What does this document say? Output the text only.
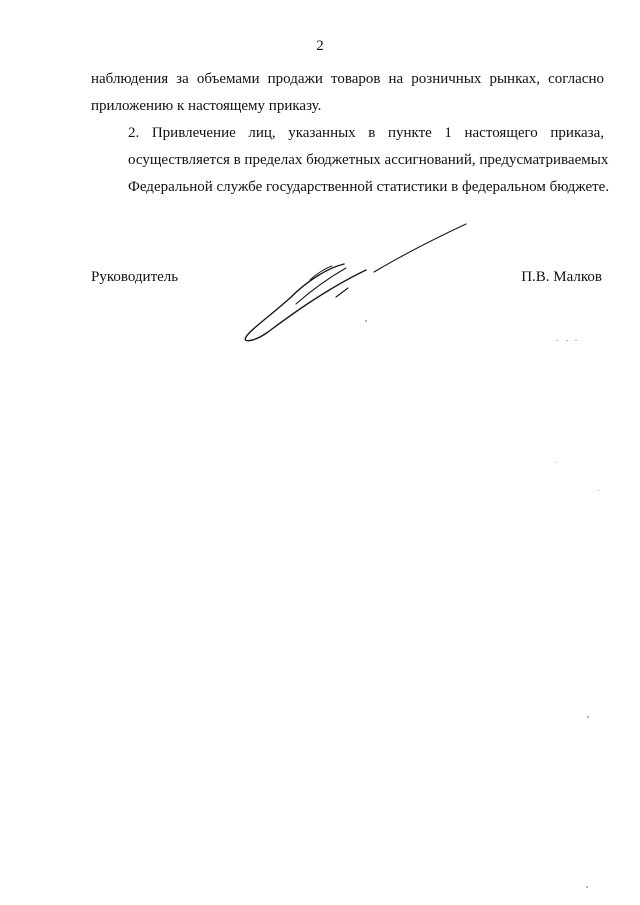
2

наблюдения за объемами продажи товаров на розничных рынках, согласно
приложению к настоящему приказу.

2. Привлечение лиц, указанных в пункте 1 настоящего приказа,
осуществляется в пределах бюджетных ассигнований, предусматриваемых
Федеральной службе государственной статистики в федеральном бюджете.

Руководитель	П.В. Малков
